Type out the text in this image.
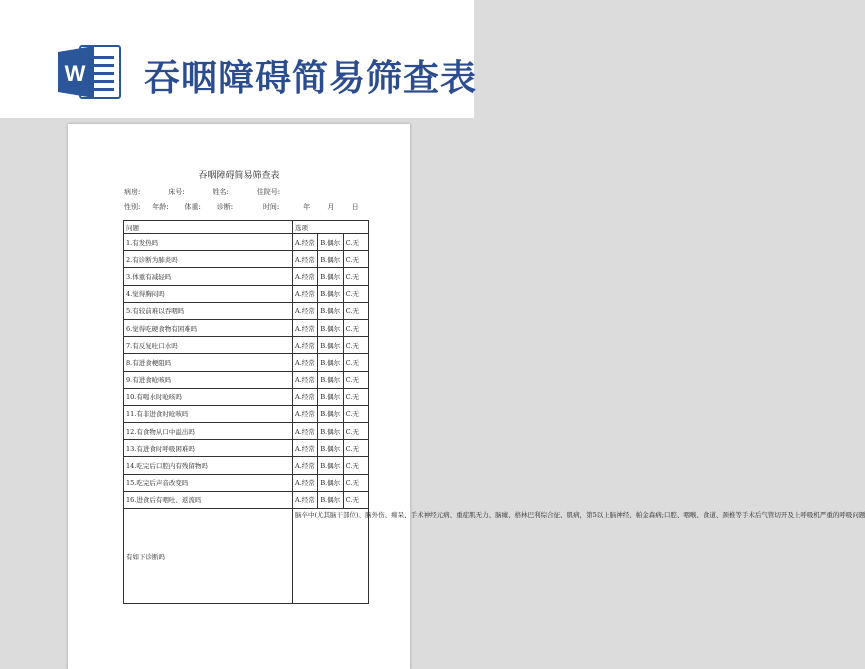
W 吞咽障碍简易筛查表
吞咽障碍简易筛查表
病房:	床号:	姓名:	住院号:
性别: 年龄: 体重: 诊断:	时间:	年 月 日
问题	选项		
1.有发热吗	A.经常	B.偶尔	C.无
2.有诊断为肺炎吗	A.经常	B.偶尔	C.无
3.体重有减轻吗	A.经常	B.偶尔	C.无
4.觉得胸闷吗	A.经常	B.偶尔	C.无
5.有较前难以吞咽吗	A.经常	B.偶尔	C.无
6.觉得吃硬食物有困难吗	A.经常	B.偶尔	C.无
7.有反复吐口水吗	A.经常	B.偶尔	C.无
8.有进食梗阻吗	A.经常	B.偶尔	C.无
9.有进食呛咳吗	A.经常	B.偶尔	C.无
10.有喝水时呛咳吗	A.经常	B.偶尔	C.无
11.有非进食时呛咳吗	A.经常	B.偶尔	C.无
12.有食物从口中溢出吗	A.经常	B.偶尔	C.无
13.有进食时呼吸困难吗	A.经常	B.偶尔	C.无
14.吃完后口腔内有残留物吗	A.经常	B.偶尔	C.无
15.吃完后声音改变吗	A.经常	B.偶尔	C.无
16.进食后有咽吐、返流吗	A.经常	B.偶尔	C.无
有如下诊断吗	脑卒中(尤其脑干部位)、脑外伤、痴呆、手术神经元病、重症肌无力、脑瘫、格林巴利综合征、肌病，第5以上脑神经、帕金森病;口腔、咽喉、食道、颈椎等手术后气管切开及上呼吸机严重的呼吸问题		
